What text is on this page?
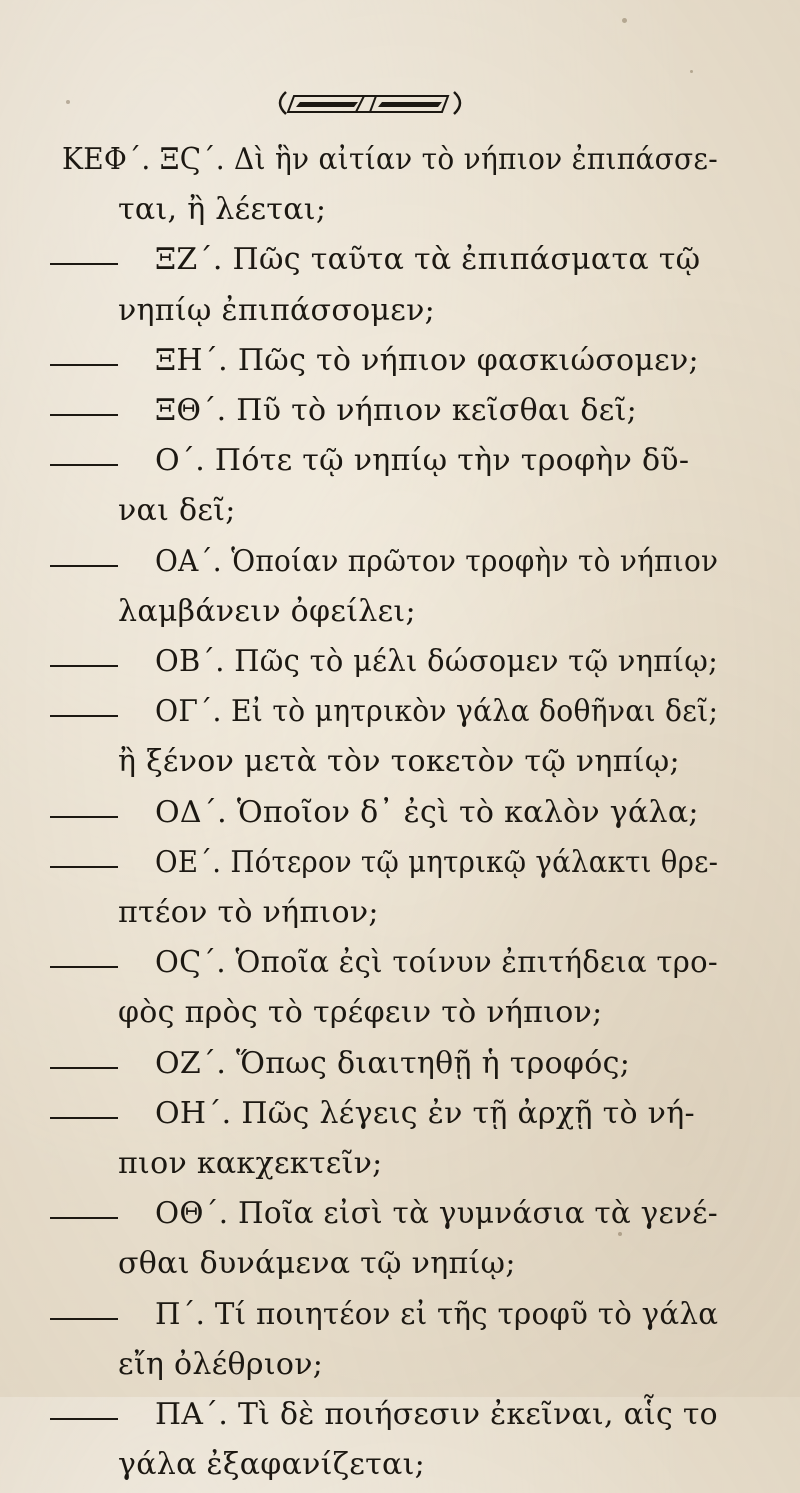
ΚΕΦ΄. ΞϚ΄. Δὶ ἣν αἰτίαν τὸ νήπιον ἐπιπάσσε-
ται, ἢ λέεται;
ΞΖ΄. Πῶς ταῦτα τὰ ἐπιπάσματα τῷ
νηπίῳ ἐπιπάσσομεν;
ΞΗ΄. Πῶς τὸ νήπιον φασκιώσομεν;
ΞΘ΄. Πῦ τὸ νήπιον κεῖσθαι δεῖ;
Ο΄. Πότε τῷ νηπίῳ τὴν τροφὴν δῦ-
ναι δεῖ;
ΟΑ΄. Ὁποίαν πρῶτον τροφὴν τὸ νήπιον
λαμβάνειν ὀφείλει;
ΟΒ΄. Πῶς τὸ μέλι δώσομεν τῷ νηπίῳ;
ΟΓ΄. Εἰ τὸ μητρικὸν γάλα δοθῆναι δεῖ;
ἢ ξένον μετὰ τὸν τοκετὸν τῷ νηπίῳ;
ΟΔ΄. Ὁποῖον δ᾽ ἐςὶ τὸ καλὸν γάλα;
ΟΕ΄. Πότερον τῷ μητρικῷ γάλακτι θρε-
πτέον τὸ νήπιον;
ΟϚ΄. Ὁποῖα ἐςὶ τοίνυν ἐπιτήδεια τρο-
φὸς πρὸς τὸ τρέφειν τὸ νήπιον;
ΟΖ΄. Ὅπως διαιτηθῇ ἡ τροφός;
ΟΗ΄. Πῶς λέγεις ἐν τῇ ἀρχῇ τὸ νή-
πιον κακχεκτεῖν;
ΟΘ΄. Ποῖα εἰσὶ τὰ γυμνάσια τὰ γενέ-
σθαι δυνάμενα τῷ νηπίῳ;
Π΄. Τί ποιητέον εἰ τῆς τροφῦ τὸ γάλα
εἴη ὀλέθριον;
ΠΑ΄. Τὶ δὲ ποιήσεσιν ἐκεῖναι, αἷς το
γάλα ἐξαφανίζεται;
